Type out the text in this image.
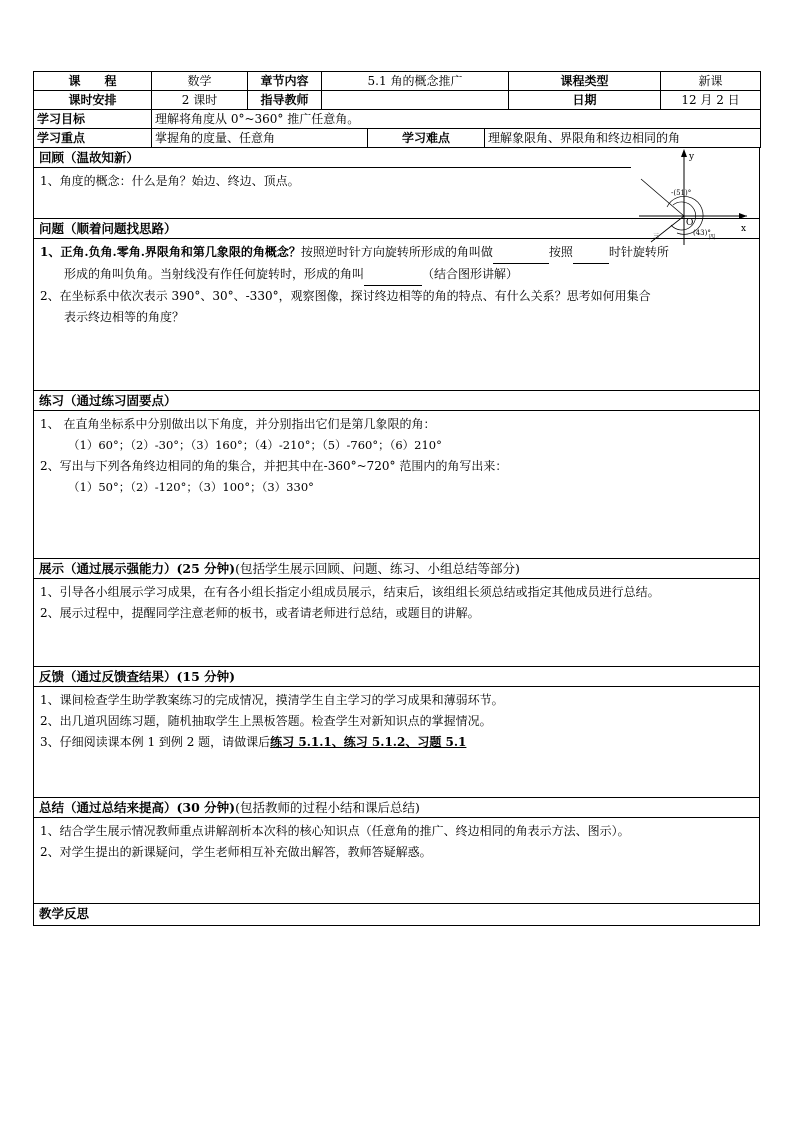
课　　程	数学	章节内容	5.1 角的概念推广			课程类型	新课
课时安排	2 课时	指导教师				日期	12 月 2 日
学习目标	理解将角度从 0°~360° 推广任意角。						
学习重点	掌握角的度量、任意角			学习难点	理解象限角、界限角和终边相同的角		
回顾（温故知新）
1、角度的概念：什么是角？始边、终边、顶点。
问题（顺着问题找思路）
1、正角.负角.零角.界限角和第几象限的角概念？按照逆时针方向旋转所形成的角叫做	按照	时针旋转所
形成的角叫负角。当射线没有作任何旋转时，形成的角叫	（结合图形讲解）
2、在坐标系中依次表示 390°、30°、-330°，观察图像，探讨终边相等的角的特点、有什么关系？思考如何用集合
表示终边相等的角度？
练习（通过练习固要点）
1、 在直角坐标系中分别做出以下角度，并分别指出它们是第几象限的角：
（1）60°；（2）-30°；（3）160°；（4）-210°；（5）-760°；（6）210°
2、写出与下列各角终边相同的角的集合，并把其中在-360°~720° 范围内的角写出来：
（1）50°；（2）-120°；（3）100°；（3）330°
展示（通过展示强能力）(25 分钟)(包括学生展示回顾、问题、练习、小组总结等部分)
1、引导各小组展示学习成果，在有各小组长指定小组成员展示，结束后，该组组长须总结或指定其他成员进行总结。
2、展示过程中，提醒同学注意老师的板书，或者请老师进行总结，或题目的讲解。
反馈（通过反馈查结果）(15 分钟)
1、课间检查学生助学教案练习的完成情况，摸清学生自主学习的学习成果和薄弱环节。
2、出几道巩固练习题，随机抽取学生上黑板答题。检查学生对新知识点的掌握情况。
3、仔细阅读课本例 1 到例 2 题，请做课后练习 5.1.1、练习 5.1.2、习题 5.1
总结（通过总结来提高）(30 分钟)(包括教师的过程小结和课后总结)
1、结合学生展示情况教师重点讲解剖析本次科的核心知识点（任意角的推广、终边相同的角表示方法、图示）。
2、对学生提出的新课疑问，学生老师相互补充做出解答，教师答疑解惑。
教学反思
y
x
O
-(51)°
(43)°
三	四
